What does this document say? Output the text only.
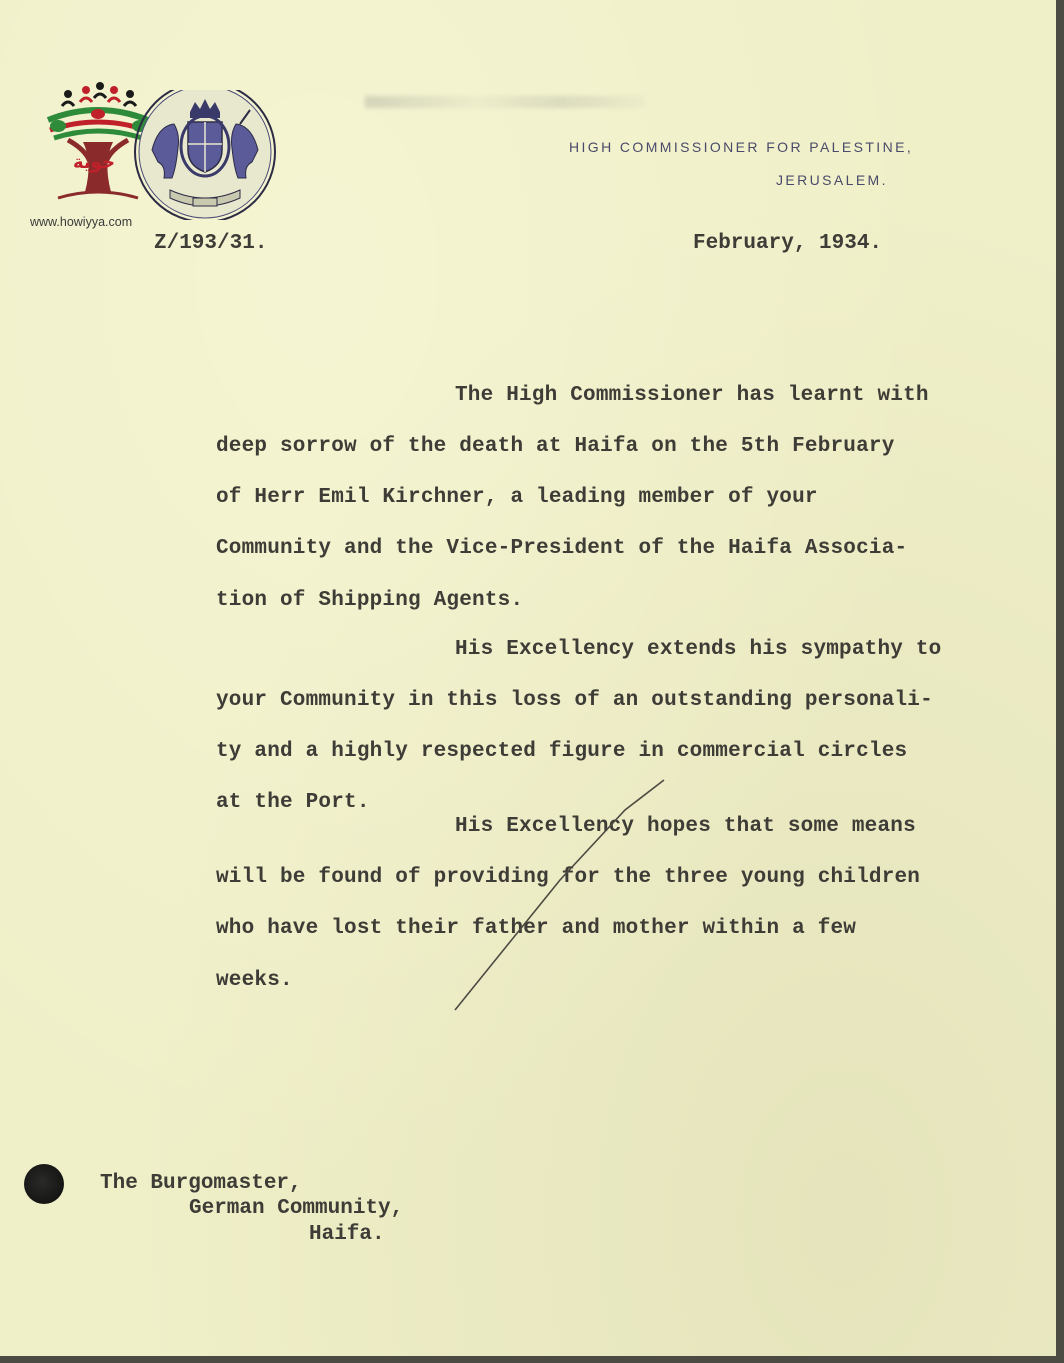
حوية
www.howiyya.com
HIGH COMMISSIONER FOR PALESTINE,
JERUSALEM.
Z/193/31.	February, 1934.
The High Commissioner has learnt with
deep sorrow of the death at Haifa on the 5th February
of Herr Emil Kirchner, a leading member of your
Community and the Vice-President of the Haifa Associa-
tion of Shipping Agents.
His Excellency extends his sympathy to
your Community in this loss of an outstanding personali-
ty and a highly respected figure in commercial circles
at the Port.
His Excellency hopes that some means
will be found of providing for the three young children
who have lost their father and mother within a few
weeks.
The Burgomaster,
German Community,
Haifa.
